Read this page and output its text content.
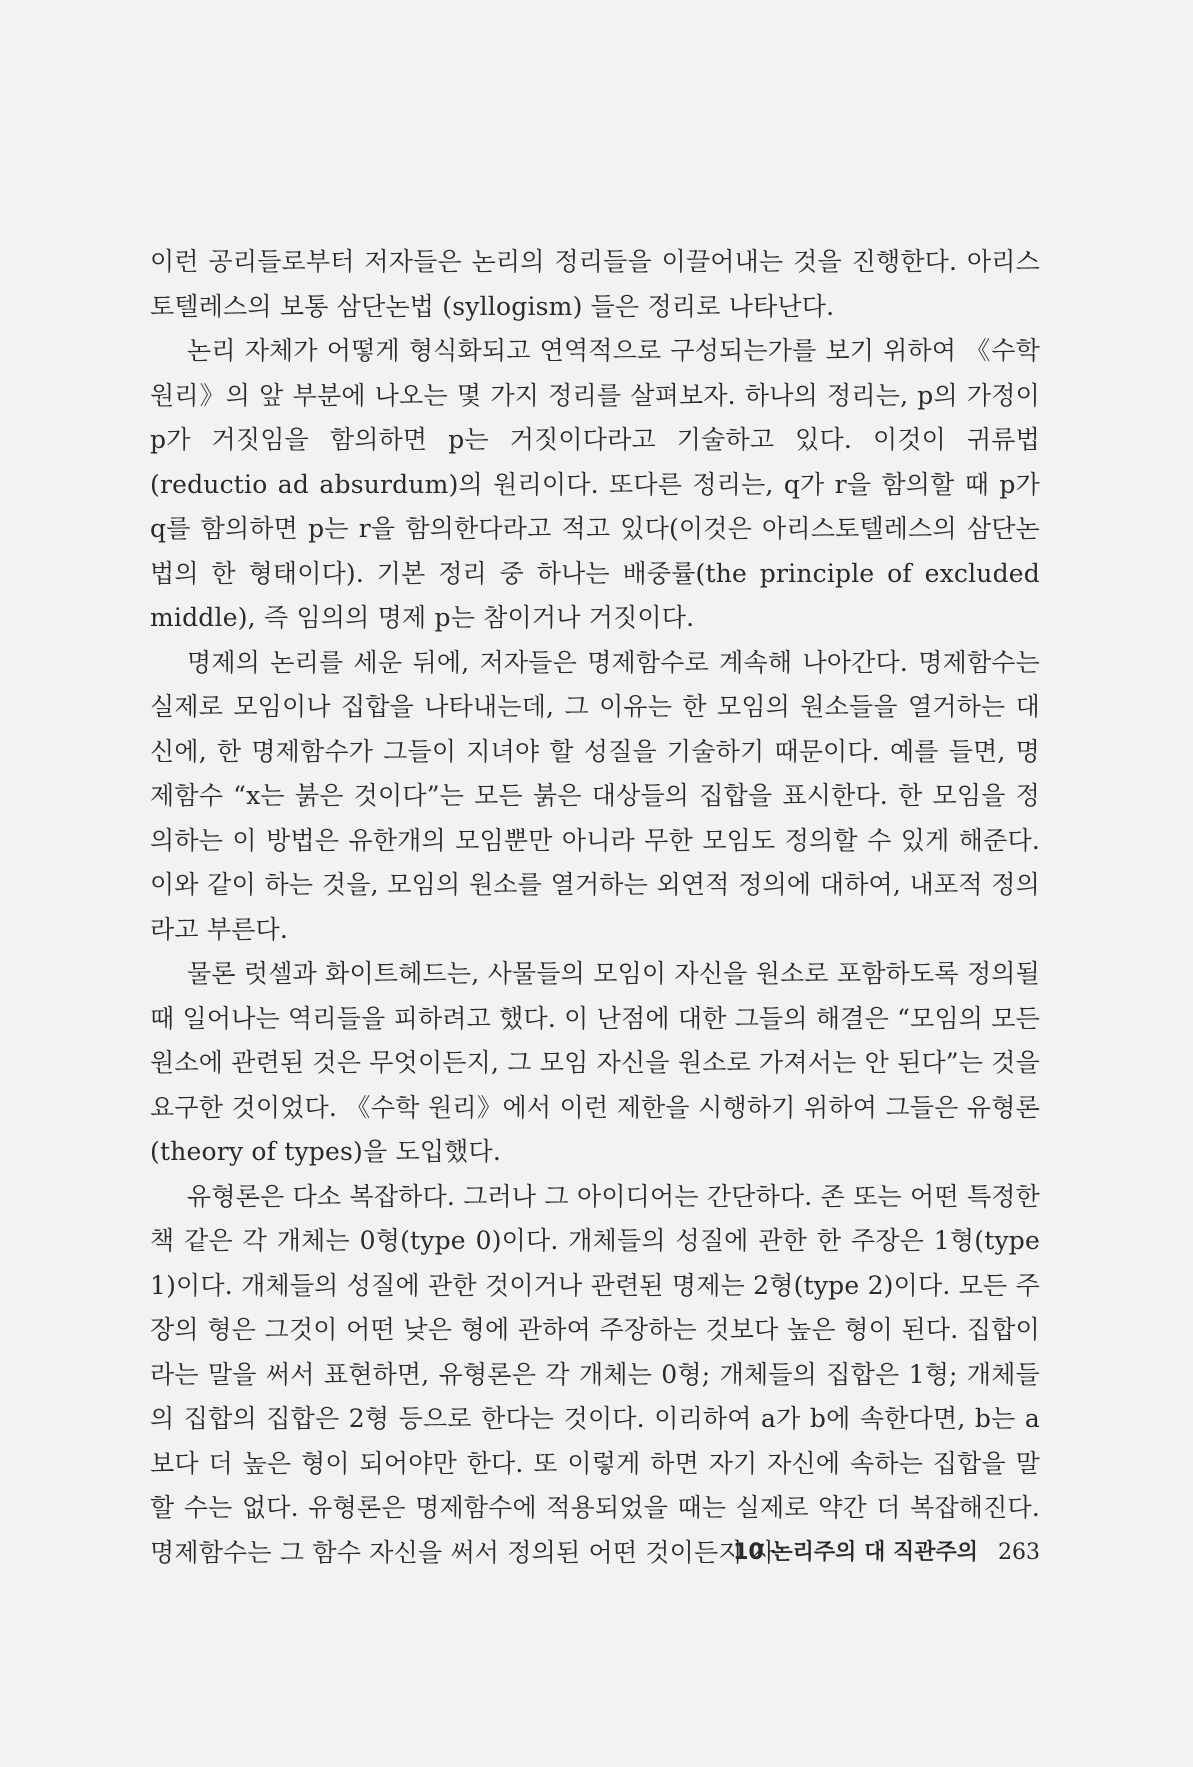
이런 공리들로부터 저자들은 논리의 정리들을 이끌어내는 것을 진행한다. 아리스토텔레스의 보통 삼단논법 (syllogism) 들은 정리로 나타난다.

논리 자체가 어떻게 형식화되고 연역적으로 구성되는가를 보기 위하여 《수학 원리》의 앞 부분에 나오는 몇 가지 정리를 살펴보자. 하나의 정리는, p의 가정이 p가 거짓임을 함의하면 p는 거짓이다라고 기술하고 있다. 이것이 귀류법(reductio ad absurdum)의 원리이다. 또다른 정리는, q가 r을 함의할 때 p가 q를 함의하면 p는 r을 함의한다라고 적고 있다(이것은 아리스토텔레스의 삼단논법의 한 형태이다). 기본 정리 중 하나는 배중률(the principle of excluded middle), 즉 임의의 명제 p는 참이거나 거짓이다.

명제의 논리를 세운 뒤에, 저자들은 명제함수로 계속해 나아간다. 명제함수는 실제로 모임이나 집합을 나타내는데, 그 이유는 한 모임의 원소들을 열거하는 대신에, 한 명제함수가 그들이 지녀야 할 성질을 기술하기 때문이다. 예를 들면, 명제함수 “x는 붉은 것이다”는 모든 붉은 대상들의 집합을 표시한다. 한 모임을 정의하는 이 방법은 유한개의 모임뿐만 아니라 무한 모임도 정의할 수 있게 해준다. 이와 같이 하는 것을, 모임의 원소를 열거하는 외연적 정의에 대하여, 내포적 정의라고 부른다.

물론 럿셀과 화이트헤드는, 사물들의 모임이 자신을 원소로 포함하도록 정의될 때 일어나는 역리들을 피하려고 했다. 이 난점에 대한 그들의 해결은 “모임의 모든 원소에 관련된 것은 무엇이든지, 그 모임 자신을 원소로 가져서는 안 된다”는 것을 요구한 것이었다. 《수학 원리》에서 이런 제한을 시행하기 위하여 그들은 유형론(theory of types)을 도입했다.

유형론은 다소 복잡하다. 그러나 그 아이디어는 간단하다. 존 또는 어떤 특정한 책 같은 각 개체는 0형(type 0)이다. 개체들의 성질에 관한 한 주장은 1형(type 1)이다. 개체들의 성질에 관한 것이거나 관련된 명제는 2형(type 2)이다. 모든 주장의 형은 그것이 어떤 낮은 형에 관하여 주장하는 것보다 높은 형이 된다. 집합이라는 말을 써서 표현하면, 유형론은 각 개체는 0형; 개체들의 집합은 1형; 개체들의 집합의 집합은 2형 등으로 한다는 것이다. 이리하여 a가 b에 속한다면, b는 a보다 더 높은 형이 되어야만 한다. 또 이렇게 하면 자기 자신에 속하는 집합을 말할 수는 없다. 유형론은 명제함수에 적용되었을 때는 실제로 약간 더 복잡해진다. 명제함수는 그 함수 자신을 써서 정의된 어떤 것이든지 자

10 논리주의 대 직관주의 263
